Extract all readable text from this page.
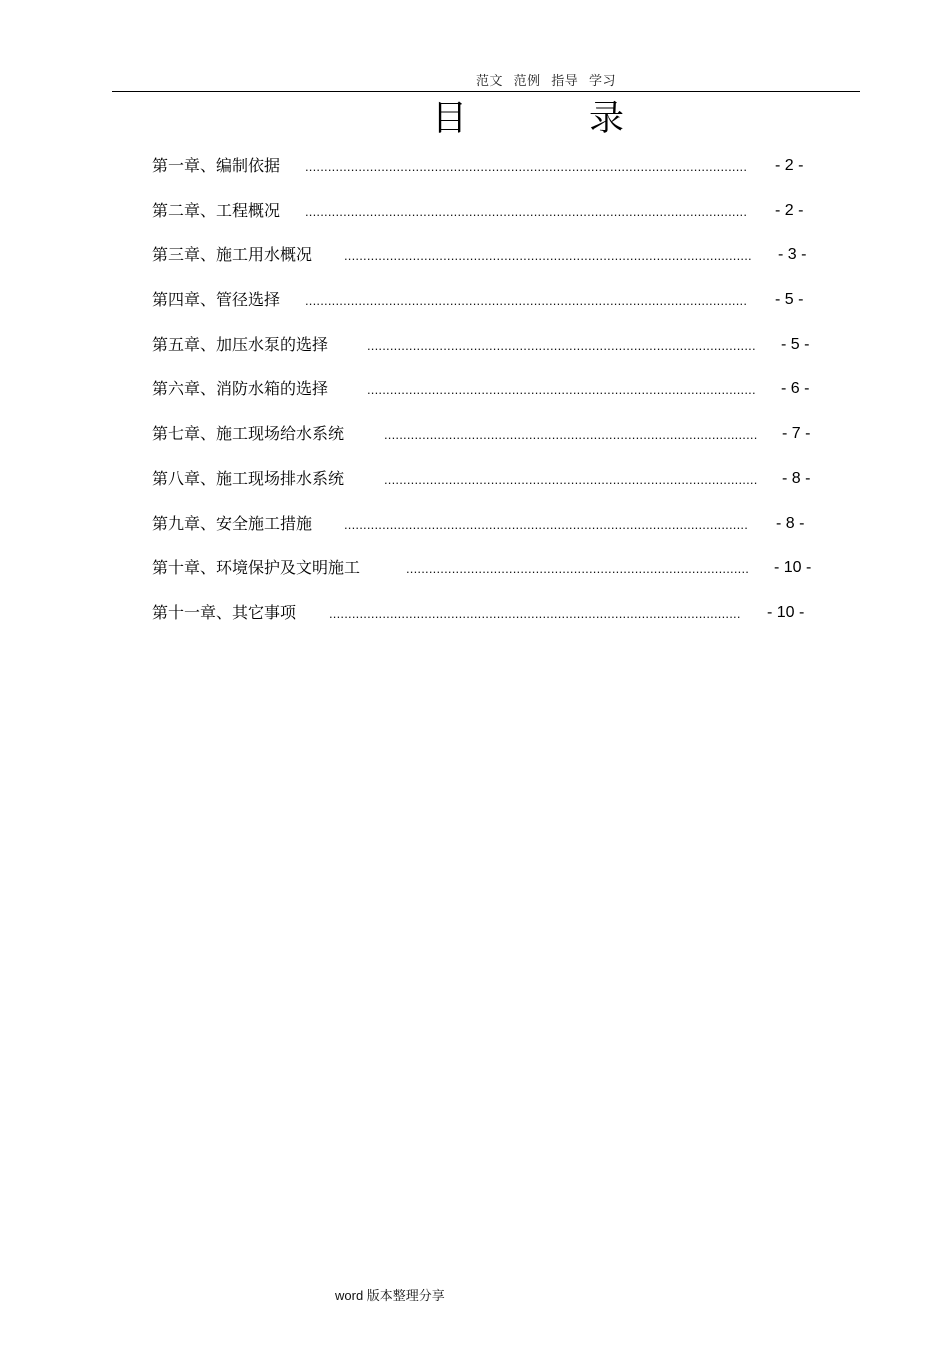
范文 范例 指导 学习
目	录
第一章、编制依据	....................................................................................................................	- 2 -
第二章、工程概况	....................................................................................................................	- 2 -
第三章、施工用水概况	...........................................................................................................	- 3 -
第四章、管径选择	....................................................................................................................	- 5 -
第五章、加压水泵的选择	......................................................................................................	- 5 -
第六章、消防水箱的选择	......................................................................................................	- 6 -
第七章、施工现场给水系统	..................................................................................................	- 7 -
第八章、施工现场排水系统	..................................................................................................	- 8 -
第九章、安全施工措施	..........................................................................................................	- 8 -
第十章、环境保护及文明施工	..........................................................................................	- 10 -
第十一章、其它事项	............................................................................................................	- 10 -
word 版本整理分享
